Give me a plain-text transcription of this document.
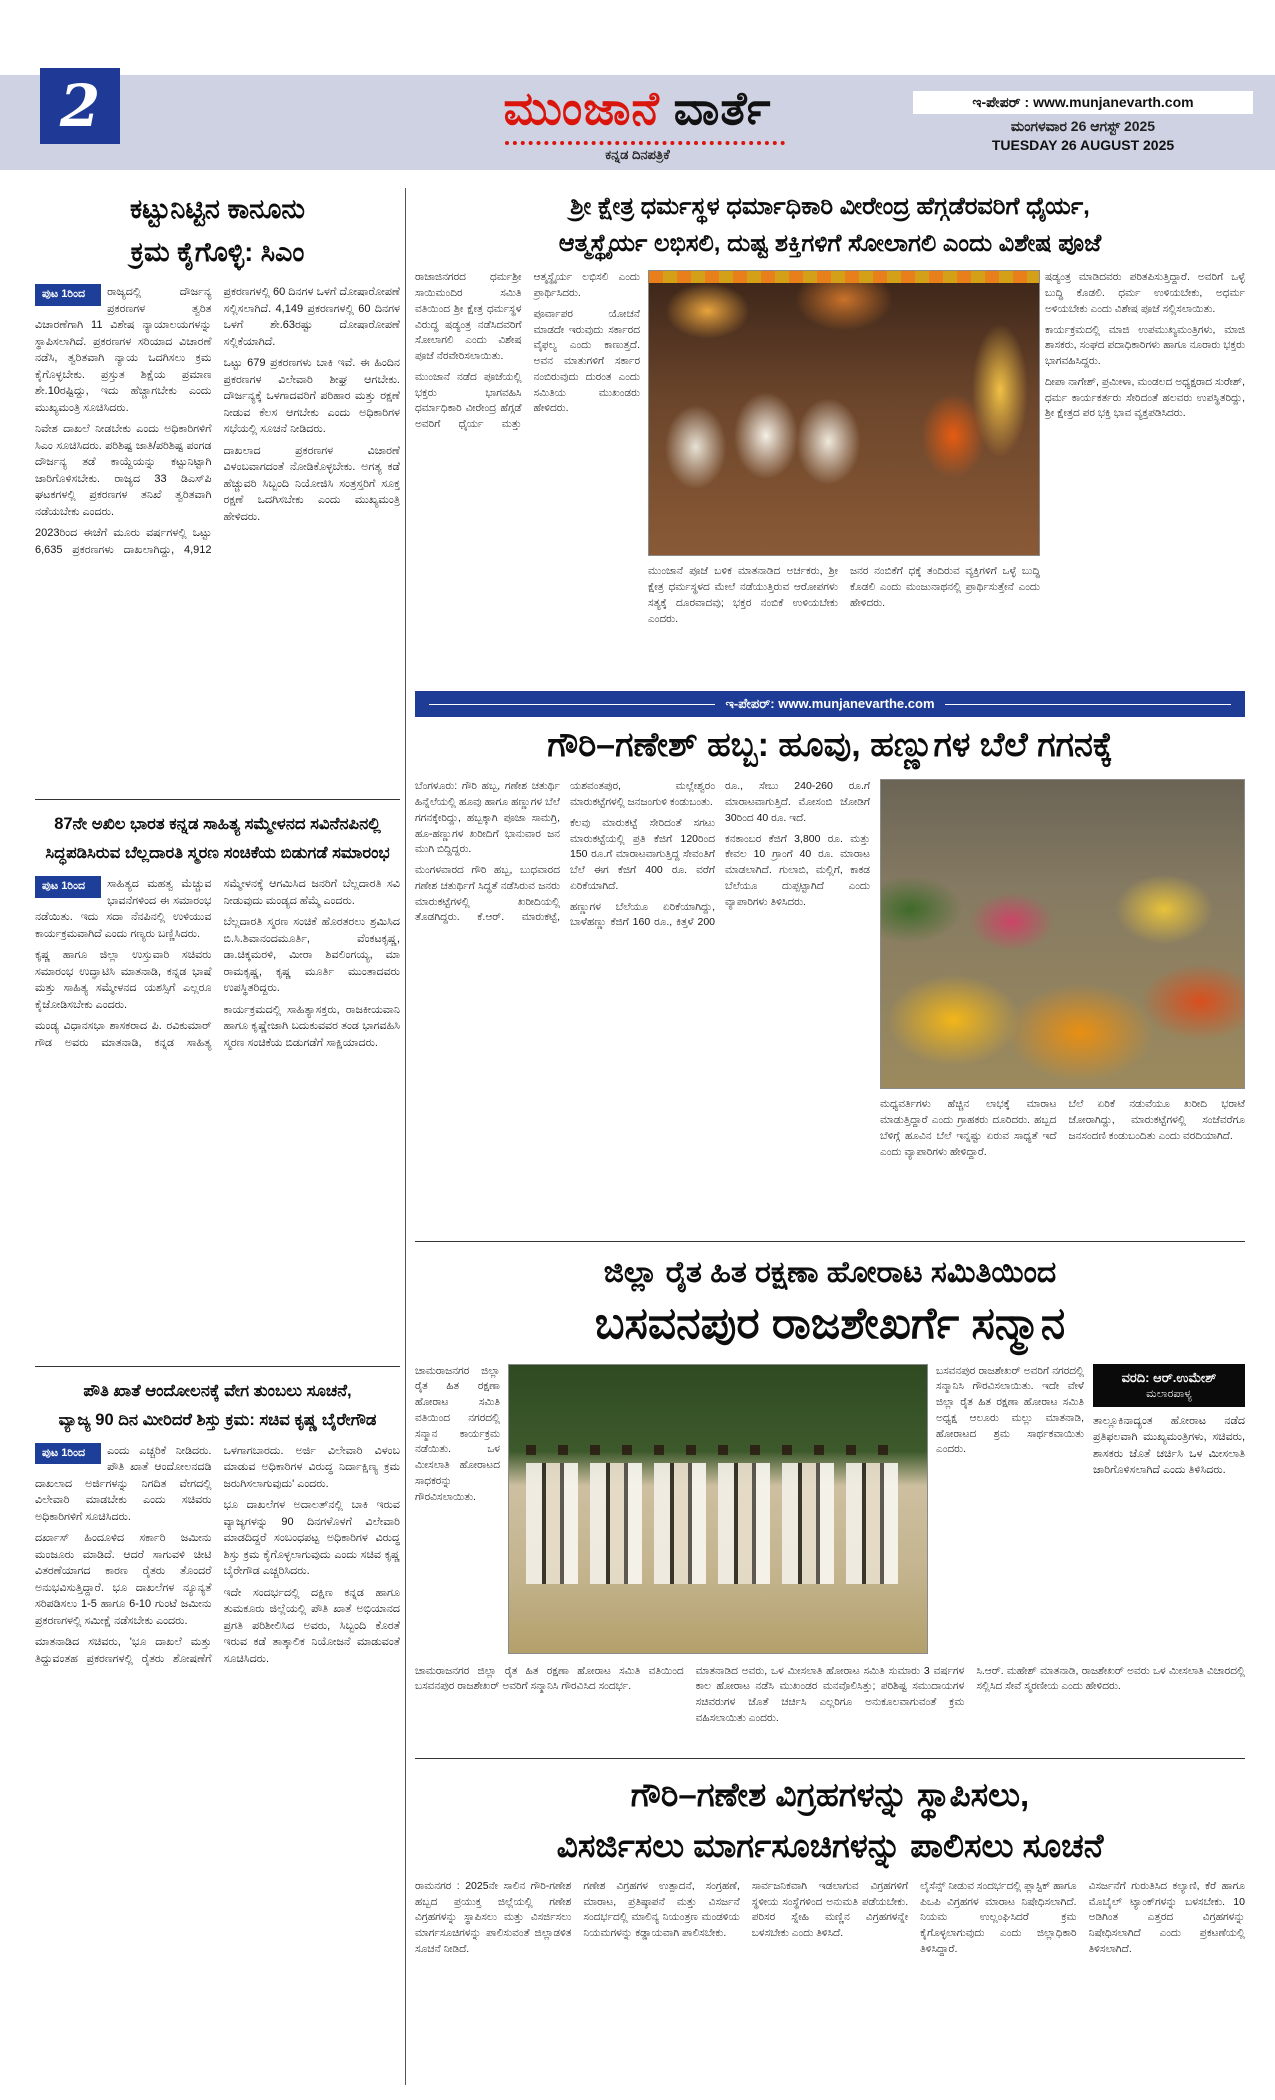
ಮುಂಜಾನೆ ವಾರ್ತೆ
ಕನ್ನಡ ದಿನಪತ್ರಿಕೆ
ಇ-ಪೇಪರ್ : www.munjanevarth.com
ಮಂಗಳವಾರ 26 ಆಗಸ್ಟ್ 2025
TUESDAY 26 AUGUST 2025
2
ಕಟ್ಟುನಿಟ್ಟಿನ ಕಾನೂನು
ಕ್ರಮ ಕೈಗೊಳ್ಳಿ: ಸಿಎಂ
ಪುಟ 1ರಿಂದ	ರಾಜ್ಯದಲ್ಲಿ ದೌರ್ಜನ್ಯ ಪ್ರಕರಣಗಳ ತ್ವರಿತ ವಿಚಾರಣೆಗಾಗಿ 11 ವಿಶೇಷ ನ್ಯಾಯಾಲಯಗಳನ್ನು ಸ್ಥಾಪಿಸಲಾಗಿದೆ. ಪ್ರಕರಣಗಳ ಸರಿಯಾದ ವಿಚಾರಣೆ ನಡೆಸಿ, ತ್ವರಿತವಾಗಿ ನ್ಯಾಯ ಒದಗಿಸಲು ಕ್ರಮ ಕೈಗೊಳ್ಳಬೇಕು. ಪ್ರಸ್ತುತ ಶಿಕ್ಷೆಯ ಪ್ರಮಾಣ ಶೇ.10ರಷ್ಟಿದ್ದು, ಇದು ಹೆಚ್ಚಾಗಬೇಕು ಎಂದು ಮುಖ್ಯಮಂತ್ರಿ ಸೂಚಿಸಿದರು.

ನಿವೇಶ ದಾಖಲೆ ನೀಡಬೇಕು ಎಂದು ಅಧಿಕಾರಿಗಳಿಗೆ ಸಿಎಂ ಸೂಚಿಸಿದರು. ಪರಿಶಿಷ್ಟ ಜಾತಿ/ಪರಿಶಿಷ್ಟ ಪಂಗಡ ದೌರ್ಜನ್ಯ ತಡೆ ಕಾಯ್ದೆಯನ್ನು ಕಟ್ಟುನಿಟ್ಟಾಗಿ ಜಾರಿಗೊಳಿಸಬೇಕು. ರಾಜ್ಯದ 33 ಡಿಎಸ್‌ಪಿ ಘಟಕಗಳಲ್ಲಿ ಪ್ರಕರಣಗಳ ತನಿಖೆ ತ್ವರಿತವಾಗಿ ನಡೆಯಬೇಕು ಎಂದರು.

2023ರಿಂದ ಈಚೆಗೆ ಮೂರು ವರ್ಷಗಳಲ್ಲಿ ಒಟ್ಟು 6,635 ಪ್ರಕರಣಗಳು ದಾಖಲಾಗಿದ್ದು, 4,912 ಪ್ರಕರಣಗಳಲ್ಲಿ 60 ದಿನಗಳ ಒಳಗೆ ದೋಷಾರೋಪಣೆ ಸಲ್ಲಿಸಲಾಗಿದೆ. 4,149 ಪ್ರಕರಣಗಳಲ್ಲಿ 60 ದಿನಗಳ ಒಳಗೆ ಶೇ.63ರಷ್ಟು ದೋಷಾರೋಪಣೆ ಸಲ್ಲಿಕೆಯಾಗಿದೆ.

ಒಟ್ಟು 679 ಪ್ರಕರಣಗಳು ಬಾಕಿ ಇವೆ. ಈ ಹಿಂದಿನ ಪ್ರಕರಣಗಳ ವಿಲೇವಾರಿ ಶೀಘ್ರ ಆಗಬೇಕು. ದೌರ್ಜನ್ಯಕ್ಕೆ ಒಳಗಾದವರಿಗೆ ಪರಿಹಾರ ಮತ್ತು ರಕ್ಷಣೆ ನೀಡುವ ಕೆಲಸ ಆಗಬೇಕು ಎಂದು ಅಧಿಕಾರಿಗಳ ಸಭೆಯಲ್ಲಿ ಸೂಚನೆ ನೀಡಿದರು.

ದಾಖಲಾದ ಪ್ರಕರಣಗಳ ವಿಚಾರಣೆ ವಿಳಂಬವಾಗದಂತೆ ನೋಡಿಕೊಳ್ಳಬೇಕು. ಅಗತ್ಯ ಕಡೆ ಹೆಚ್ಚುವರಿ ಸಿಬ್ಬಂದಿ ನಿಯೋಜಿಸಿ ಸಂತ್ರಸ್ತರಿಗೆ ಸೂಕ್ತ ರಕ್ಷಣೆ ಒದಗಿಸಬೇಕು ಎಂದು ಮುಖ್ಯಮಂತ್ರಿ ಹೇಳಿದರು.

87ನೇ ಅಖಿಲ ಭಾರತ ಕನ್ನಡ ಸಾಹಿತ್ಯ ಸಮ್ಮೇಳನದ ಸವಿನೆನಪಿನಲ್ಲಿ
ಸಿದ್ಧಪಡಿಸಿರುವ ಬೆಲ್ಲದಾರತಿ ಸ್ಮರಣ ಸಂಚಿಕೆಯ ಬಿಡುಗಡೆ ಸಮಾರಂಭ
ಪುಟ 1ರಿಂದ	ಸಾಹಿತ್ಯದ ಮಹತ್ವ ಮೆಚ್ಚುವ ಭಾವನೆಗಳಿಂದ ಈ ಸಮಾರಂಭ ನಡೆಯಿತು. ಇದು ಸದಾ ನೆನಪಿನಲ್ಲಿ ಉಳಿಯುವ ಕಾರ್ಯಕ್ರಮವಾಗಿದೆ ಎಂದು ಗಣ್ಯರು ಬಣ್ಣಿಸಿದರು.

ಕೃಷ್ಣ ಹಾಗೂ ಜಿಲ್ಲಾ ಉಸ್ತುವಾರಿ ಸಚಿವರು ಸಮಾರಂಭ ಉದ್ಘಾಟಿಸಿ ಮಾತನಾಡಿ, ಕನ್ನಡ ಭಾಷೆ ಮತ್ತು ಸಾಹಿತ್ಯ ಸಮ್ಮೇಳನದ ಯಶಸ್ಸಿಗೆ ಎಲ್ಲರೂ ಕೈಜೋಡಿಸಬೇಕು ಎಂದರು.

ಮಂಡ್ಯ ವಿಧಾನಸಭಾ ಶಾಸಕರಾದ ಪಿ. ರವಿಕುಮಾರ್ ಗೌಡ ಅವರು ಮಾತನಾಡಿ, ಕನ್ನಡ ಸಾಹಿತ್ಯ ಸಮ್ಮೇಳನಕ್ಕೆ ಆಗಮಿಸಿದ ಜನರಿಗೆ ಬೆಲ್ಲದಾರತಿ ಸವಿ ನೀಡುವುದು ಮಂಡ್ಯದ ಹೆಮ್ಮೆ ಎಂದರು.

ಬೆಲ್ಲದಾರತಿ ಸ್ಮರಣ ಸಂಚಿಕೆ ಹೊರತರಲು ಶ್ರಮಿಸಿದ ಬಿ.ಸಿ.ಶಿವಾನಂದಮೂರ್ತಿ, ವೆಂಕಟಕೃಷ್ಣ, ಡಾ.ಚಿಕ್ಕಮರಳಿ, ಮೀರಾ ಶಿವಲಿಂಗಯ್ಯ, ಮಾ ರಾಮಕೃಷ್ಣ, ಕೃಷ್ಣ ಮೂರ್ತಿ ಮುಂತಾದವರು ಉಪಸ್ಥಿತರಿದ್ದರು.

ಕಾರ್ಯಕ್ರಮದಲ್ಲಿ ಸಾಹಿತ್ಯಾಸಕ್ತರು, ರಾಜಕೀಯವಾನಿ ಹಾಗೂ ಕೃಷ್ಣೇಜಾಗಿ ಬದುಕುವವರ ತಂಡ ಭಾಗವಹಿಸಿ ಸ್ಮರಣ ಸಂಚಿಕೆಯ ಬಿಡುಗಡೆಗೆ ಸಾಕ್ಷಿಯಾದರು.

ಪೌತಿ ಖಾತೆ ಆಂದೋಲನಕ್ಕೆ ವೇಗ ತುಂಬಲು ಸೂಚನೆ,
ವ್ಯಾಜ್ಯ 90 ದಿನ ಮೀರಿದರೆ ಶಿಸ್ತು ಕ್ರಮ: ಸಚಿವ ಕೃಷ್ಣ ಬೈರೇಗೌಡ
ಪುಟ 1ರಿಂದ	ಎಂದು ಎಚ್ಚರಿಕೆ ನೀಡಿದರು. ಪೌತಿ ಖಾತೆ ಆಂದೋಲನದಡಿ ದಾಖಲಾದ ಅರ್ಜಿಗಳನ್ನು ನಿಗದಿತ ವೇಗದಲ್ಲಿ ವಿಲೇವಾರಿ ಮಾಡಬೇಕು ಎಂದು ಸಚಿವರು ಅಧಿಕಾರಿಗಳಿಗೆ ಸೂಚಿಸಿದರು.

ದರ್ಖಾಸ್ ಹಿಂದೂಳಿದ ಸರ್ಕಾರಿ ಜಮೀನು ಮಂಜೂರು ಮಾಡಿದೆ. ಆದರೆ ಸಾಗುವಳಿ ಚೀಟಿ ವಿತರಣೆಯಾಗದ ಕಾರಣ ರೈತರು ತೊಂದರೆ ಅನುಭವಿಸುತ್ತಿದ್ದಾರೆ. ಭೂ ದಾಖಲೆಗಳ ನ್ಯೂನ್ಯತೆ ಸರಿಪಡಿಸಲು 1-5 ಹಾಗೂ 6-10 ಗುಂಟೆ ಜಮೀನು ಪ್ರಕರಣಗಳಲ್ಲಿ ಸಮೀಕ್ಷೆ ನಡೆಸಬೇಕು ಎಂದರು.

ಮಾತನಾಡಿದ ಸಚಿವರು, 'ಭೂ ದಾಖಲೆ ಮತ್ತು ತಿದ್ದುವಂತಹ ಪ್ರಕರಣಗಳಲ್ಲಿ ರೈತರು ಶೋಷಣೆಗೆ ಒಳಗಾಗಬಾರದು. ಅರ್ಜಿ ವಿಲೇವಾರಿ ವಿಳಂಬ ಮಾಡುವ ಅಧಿಕಾರಿಗಳ ವಿರುದ್ಧ ನಿರ್ದಾಕ್ಷಿಣ್ಯ ಕ್ರಮ ಜರುಗಿಸಲಾಗುವುದು' ಎಂದರು.

ಭೂ ದಾಖಲೆಗಳ ಅದಾಲತ್‌ನಲ್ಲಿ ಬಾಕಿ ಇರುವ ವ್ಯಾಜ್ಯಗಳನ್ನು 90 ದಿನಗಳೊಳಗೆ ವಿಲೇವಾರಿ ಮಾಡದಿದ್ದರೆ ಸಂಬಂಧಪಟ್ಟ ಅಧಿಕಾರಿಗಳ ವಿರುದ್ಧ ಶಿಸ್ತು ಕ್ರಮ ಕೈಗೊಳ್ಳಲಾಗುವುದು ಎಂದು ಸಚಿವ ಕೃಷ್ಣ ಬೈರೇಗೌಡ ಎಚ್ಚರಿಸಿದರು.

ಇದೇ ಸಂದರ್ಭದಲ್ಲಿ ದಕ್ಷಿಣ ಕನ್ನಡ ಹಾಗೂ ತುಮಕೂರು ಜಿಲ್ಲೆಯಲ್ಲಿ ಪೌತಿ ಖಾತೆ ಅಭಿಯಾನದ ಪ್ರಗತಿ ಪರಿಶೀಲಿಸಿದ ಅವರು, ಸಿಬ್ಬಂದಿ ಕೊರತೆ ಇರುವ ಕಡೆ ತಾತ್ಕಾಲಿಕ ನಿಯೋಜನೆ ಮಾಡುವಂತೆ ಸೂಚಿಸಿದರು.

ಶ್ರೀ ಕ್ಷೇತ್ರ ಧರ್ಮಸ್ಥಳ ಧರ್ಮಾಧಿಕಾರಿ ವೀರೇಂದ್ರ ಹೆಗ್ಗಡೆರವರಿಗೆ ಧೈರ್ಯ,
ಆತ್ಮಸ್ಥೈರ್ಯ ಲಭಿಸಲಿ, ದುಷ್ಟ ಶಕ್ತಿಗಳಿಗೆ ಸೋಲಾಗಲಿ ಎಂದು ವಿಶೇಷ ಪೂಜೆ

ರಾಜಾಜಿನಗರದ ಧರ್ಮಶ್ರೀ ಸಾಯಿಮಂದಿರ ಸಮಿತಿ ವತಿಯಿಂದ ಶ್ರೀ ಕ್ಷೇತ್ರ ಧರ್ಮಸ್ಥಳ ವಿರುದ್ಧ ಷಡ್ಯಂತ್ರ ನಡೆಸಿದವರಿಗೆ ಸೋಲಾಗಲಿ ಎಂದು ವಿಶೇಷ ಪೂಜೆ ನೆರವೇರಿಸಲಾಯಿತು.

ಮುಂಜಾನೆ ನಡೆದ ಪೂಜೆಯಲ್ಲಿ ಭಕ್ತರು ಭಾಗವಹಿಸಿ ಧರ್ಮಾಧಿಕಾರಿ ವೀರೇಂದ್ರ ಹೆಗ್ಗಡೆ ಅವರಿಗೆ ಧೈರ್ಯ ಮತ್ತು ಆತ್ಮಸ್ಥೈರ್ಯ ಲಭಿಸಲಿ ಎಂದು ಪ್ರಾರ್ಥಿಸಿದರು.

ಪೂರ್ವಾಪರ ಯೋಚನೆ ಮಾಡದೇ ಇರುವುದು ಸರ್ಕಾರದ ವೈಫಲ್ಯ ಎಂದು ಕಾಣುತ್ತದೆ. ಅವನ ಮಾತುಗಳಿಗೆ ಸರ್ಕಾರ ನಂಬಿರುವುದು ದುರಂತ ಎಂದು ಸಮಿತಿಯ ಮುಖಂಡರು ಹೇಳಿದರು.

ಮುಂಜಾನೆ ಪೂಜೆ ಬಳಿಕ ಮಾತನಾಡಿದ ಅರ್ಚಕರು, ಶ್ರೀ ಕ್ಷೇತ್ರ ಧರ್ಮಸ್ಥಳದ ಮೇಲೆ ನಡೆಯುತ್ತಿರುವ ಆರೋಪಗಳು ಸತ್ಯಕ್ಕೆ ದೂರವಾದವು; ಭಕ್ತರ ನಂಬಿಕೆ ಉಳಿಯಬೇಕು ಎಂದರು.

ಜನರ ನಂಬಿಕೆಗೆ ಧಕ್ಕೆ ತಂದಿರುವ ವ್ಯಕ್ತಿಗಳಿಗೆ ಒಳ್ಳೆ ಬುದ್ಧಿ ಕೊಡಲಿ ಎಂದು ಮಂಜುನಾಥನಲ್ಲಿ ಪ್ರಾರ್ಥಿಸುತ್ತೇನೆ ಎಂದು ಹೇಳಿದರು.

ಷಡ್ಯಂತ್ರ ಮಾಡಿದವರು ಪರಿತಪಿಸುತ್ತಿದ್ದಾರೆ. ಅವರಿಗೆ ಒಳ್ಳೆ ಬುದ್ಧಿ ಕೊಡಲಿ. ಧರ್ಮ ಉಳಿಯಬೇಕು, ಅಧರ್ಮ ಅಳಿಯಬೇಕು ಎಂದು ವಿಶೇಷ ಪೂಜೆ ಸಲ್ಲಿಸಲಾಯಿತು.

ಕಾರ್ಯಕ್ರಮದಲ್ಲಿ ಮಾಜಿ ಉಪಮುಖ್ಯಮಂತ್ರಿಗಳು, ಮಾಜಿ ಶಾಸಕರು, ಸಂಘದ ಪದಾಧಿಕಾರಿಗಳು ಹಾಗೂ ನೂರಾರು ಭಕ್ತರು ಭಾಗವಹಿಸಿದ್ದರು.

ದೀಪಾ ನಾಗೇಶ್, ಪ್ರಮೀಳಾ, ಮಂಡಲದ ಅಧ್ಯಕ್ಷರಾದ ಸುರೇಶ್, ಧರ್ಮ ಕಾರ್ಯಕರ್ತರು ಸೇರಿದಂತೆ ಹಲವರು ಉಪಸ್ಥಿತರಿದ್ದು, ಶ್ರೀ ಕ್ಷೇತ್ರದ ಪರ ಭಕ್ತಿ ಭಾವ ವ್ಯಕ್ತಪಡಿಸಿದರು.

ಇ-ಪೇಪರ್: www.munjanevarthe.com
ಗೌರಿ–ಗಣೇಶ್ ಹಬ್ಬ: ಹೂವು, ಹಣ್ಣುಗಳ ಬೆಲೆ ಗಗನಕ್ಕೆ

ಬೆಂಗಳೂರು: ಗೌರಿ ಹಬ್ಬ, ಗಣೇಶ ಚತುರ್ಥಿ ಹಿನ್ನೆಲೆಯಲ್ಲಿ ಹೂವು ಹಾಗೂ ಹಣ್ಣುಗಳ ಬೆಲೆ ಗಗನಕ್ಕೇರಿದ್ದು, ಹಬ್ಬಕ್ಕಾಗಿ ಪೂಜಾ ಸಾಮಗ್ರಿ, ಹೂ-ಹಣ್ಣುಗಳ ಖರೀದಿಗೆ ಭಾನುವಾರ ಜನ ಮುಗಿ ಬಿದ್ದಿದ್ದರು.

ಮಂಗಳವಾರದ ಗೌರಿ ಹಬ್ಬ, ಬುಧವಾರದ ಗಣೇಶ ಚತುರ್ಥಿಗೆ ಸಿದ್ಧತೆ ನಡೆಸಿರುವ ಜನರು ಮಾರುಕಟ್ಟೆಗಳಲ್ಲಿ ಖರೀದಿಯಲ್ಲಿ ತೊಡಗಿದ್ದರು. ಕೆ.ಆರ್. ಮಾರುಕಟ್ಟೆ, ಯಶವಂತಪುರ, ಮಲ್ಲೇಶ್ವರಂ ಮಾರುಕಟ್ಟೆಗಳಲ್ಲಿ ಜನಜಂಗುಳಿ ಕಂಡುಬಂತು.

ಕೆಲವು ಮಾರುಕಟ್ಟೆ ಸೇರಿದಂತೆ ಸಗಟು ಮಾರುಕಟ್ಟೆಯಲ್ಲಿ ಪ್ರತಿ ಕೆಜಿಗೆ 120ರಿಂದ 150 ರೂ.ಗೆ ಮಾರಾಟವಾಗುತ್ತಿದ್ದ ಸೇವಂತಿಗೆ ಬೆಲೆ ಈಗ ಕೆಜಿಗೆ 400 ರೂ. ವರೆಗೆ ಏರಿಕೆಯಾಗಿದೆ.

ಹಣ್ಣುಗಳ ಬೆಲೆಯೂ ಏರಿಕೆಯಾಗಿದ್ದು, ಬಾಳೆಹಣ್ಣು ಕೆಜಿಗೆ 160 ರೂ., ಕಿತ್ತಳೆ 200 ರೂ., ಸೇಬು 240-260 ರೂ.ಗೆ ಮಾರಾಟವಾಗುತ್ತಿದೆ. ಮೋಸಂಬಿ ಜೋಡಿಗೆ 30ರಿಂದ 40 ರೂ. ಇದೆ.

ಕನಕಾಂಬರ ಕೆಜಿಗೆ 3,800 ರೂ. ಮತ್ತು ಕೇವಲ 10 ಗ್ರಾಂಗೆ 40 ರೂ. ಮಾರಾಟ ಮಾಡಲಾಗಿದೆ. ಗುಲಾಬಿ, ಮಲ್ಲಿಗೆ, ಕಾಕಡ ಬೆಲೆಯೂ ದುಪ್ಪಟ್ಟಾಗಿದೆ ಎಂದು ವ್ಯಾಪಾರಿಗಳು ತಿಳಿಸಿದರು.

ಮಧ್ಯವರ್ತಿಗಳು ಹೆಚ್ಚಿನ ಲಾಭಕ್ಕೆ ಮಾರಾಟ ಮಾಡುತ್ತಿದ್ದಾರೆ ಎಂದು ಗ್ರಾಹಕರು ದೂರಿದರು. ಹಬ್ಬದ ಬೆಳಿಗ್ಗೆ ಹೂವಿನ ಬೆಲೆ ಇನ್ನಷ್ಟು ಏರುವ ಸಾಧ್ಯತೆ ಇದೆ ಎಂದು ವ್ಯಾಪಾರಿಗಳು ಹೇಳಿದ್ದಾರೆ.

ಬೆಲೆ ಏರಿಕೆ ನಡುವೆಯೂ ಖರೀದಿ ಭರಾಟೆ ಜೋರಾಗಿದ್ದು, ಮಾರುಕಟ್ಟೆಗಳಲ್ಲಿ ಸಂಜೆವರೆಗೂ ಜನಸಂದಣಿ ಕಂಡುಬಂದಿತು ಎಂದು ವರದಿಯಾಗಿದೆ.

ಜಿಲ್ಲಾ ರೈತ ಹಿತ ರಕ್ಷಣಾ ಹೋರಾಟ ಸಮಿತಿಯಿಂದ
ಬಸವನಪುರ ರಾಜಶೇಖರ್ಗೆ ಸನ್ಮಾನ

ಚಾಮರಾಜನಗರ ಜಿಲ್ಲಾ ರೈತ ಹಿತ ರಕ್ಷಣಾ ಹೋರಾಟ ಸಮಿತಿ ವತಿಯಿಂದ ನಗರದಲ್ಲಿ ಸನ್ಮಾನ ಕಾರ್ಯಕ್ರಮ ನಡೆಯಿತು. ಒಳ ಮೀಸಲಾತಿ ಹೋರಾಟದ ಸಾಧಕರನ್ನು ಗೌರವಿಸಲಾಯಿತು.

ಬಸವನಪುರ ರಾಜಶೇಖರ್ ಅವರಿಗೆ ನಗರದಲ್ಲಿ ಸನ್ಮಾನಿಸಿ ಗೌರವಿಸಲಾಯಿತು. ಇದೇ ವೇಳೆ ಜಿಲ್ಲಾ ರೈತ ಹಿತ ರಕ್ಷಣಾ ಹೋರಾಟ ಸಮಿತಿ ಅಧ್ಯಕ್ಷ ಆಲೂರು ಮಲ್ಲು ಮಾತನಾಡಿ, ಹೋರಾಟದ ಶ್ರಮ ಸಾರ್ಥಕವಾಯಿತು ಎಂದರು.

ವರದಿ: ಆರ್.ಉಮೇಶ್
ಮಲಾರಪಾಳ್ಯ

ತಾಲ್ಲೂಕಿನಾದ್ಯಂತ ಹೋರಾಟ ನಡೆದ ಪ್ರತಿಫಲವಾಗಿ ಮುಖ್ಯಮಂತ್ರಿಗಳು, ಸಚಿವರು, ಶಾಸಕರು ಜೊತೆ ಚರ್ಚಿಸಿ ಒಳ ಮೀಸಲಾತಿ ಜಾರಿಗೊಳಿಸಲಾಗಿದೆ ಎಂದು ತಿಳಿಸಿದರು.

ಚಾಮರಾಜನಗರ ಜಿಲ್ಲಾ ರೈತ ಹಿತ ರಕ್ಷಣಾ ಹೋರಾಟ ಸಮಿತಿ ವತಿಯಿಂದ ಬಸವನಪುರ ರಾಜಶೇಖರ್ ಅವರಿಗೆ ಸನ್ಮಾನಿಸಿ ಗೌರವಿಸಿದ ಸಂದರ್ಭ.

ಮಾತನಾಡಿದ ಅವರು, ಒಳ ಮೀಸಲಾತಿ ಹೋರಾಟ ಸಮಿತಿ ಸುಮಾರು 3 ವರ್ಷಗಳ ಕಾಲ ಹೋರಾಟ ನಡೆಸಿ ಮುಖಂಡರ ಮನವೊಲಿಸಿತ್ತು; ಪರಿಶಿಷ್ಟ ಸಮುದಾಯಗಳ ಸಚಿವರುಗಳ ಜೊತೆ ಚರ್ಚಿಸಿ ಎಲ್ಲರಿಗೂ ಅನುಕೂಲವಾಗುವಂತೆ ಕ್ರಮ ವಹಿಸಲಾಯಿತು ಎಂದರು.

ಸಿ.ಆರ್. ಮಹೇಶ್ ಮಾತನಾಡಿ, ರಾಜಶೇಖರ್ ಅವರು ಒಳ ಮೀಸಲಾತಿ ವಿಚಾರದಲ್ಲಿ ಸಲ್ಲಿಸಿದ ಸೇವೆ ಸ್ಮರಣೀಯ ಎಂದು ಹೇಳಿದರು.

ಗೌರಿ–ಗಣೇಶ ವಿಗ್ರಹಗಳನ್ನು ಸ್ಥಾಪಿಸಲು,
ವಿಸರ್ಜಿಸಲು ಮಾರ್ಗಸೂಚಿಗಳನ್ನು ಪಾಲಿಸಲು ಸೂಚನೆ

ರಾಮನಗರ : 2025ನೇ ಸಾಲಿನ ಗೌರಿ-ಗಣೇಶ ಹಬ್ಬದ ಪ್ರಯುಕ್ತ ಜಿಲ್ಲೆಯಲ್ಲಿ ಗಣೇಶ ವಿಗ್ರಹಗಳನ್ನು ಸ್ಥಾಪಿಸಲು ಮತ್ತು ವಿಸರ್ಜಿಸಲು ಮಾರ್ಗಸೂಚಿಗಳನ್ನು ಪಾಲಿಸುವಂತೆ ಜಿಲ್ಲಾಡಳಿತ ಸೂಚನೆ ನೀಡಿದೆ.

ಗಣೇಶ ವಿಗ್ರಹಗಳ ಉತ್ಪಾದನೆ, ಸಂಗ್ರಹಣೆ, ಮಾರಾಟ, ಪ್ರತಿಷ್ಠಾಪನೆ ಮತ್ತು ವಿಸರ್ಜನೆ ಸಂದರ್ಭದಲ್ಲಿ ಮಾಲಿನ್ಯ ನಿಯಂತ್ರಣ ಮಂಡಳಿಯ ನಿಯಮಗಳನ್ನು ಕಡ್ಡಾಯವಾಗಿ ಪಾಲಿಸಬೇಕು.

ಸಾರ್ವಜನಿಕವಾಗಿ ಇಡಲಾಗುವ ವಿಗ್ರಹಗಳಿಗೆ ಸ್ಥಳೀಯ ಸಂಸ್ಥೆಗಳಿಂದ ಅನುಮತಿ ಪಡೆಯಬೇಕು. ಪರಿಸರ ಸ್ನೇಹಿ ಮಣ್ಣಿನ ವಿಗ್ರಹಗಳನ್ನೇ ಬಳಸಬೇಕು ಎಂದು ತಿಳಿಸಿದೆ.

ಲೈಸೆನ್ಸ್ ನೀಡುವ ಸಂದರ್ಭದಲ್ಲಿ ಪ್ಲಾಸ್ಟಿಕ್ ಹಾಗೂ ಪಿಒಪಿ ವಿಗ್ರಹಗಳ ಮಾರಾಟ ನಿಷೇಧಿಸಲಾಗಿದೆ. ನಿಯಮ ಉಲ್ಲಂಘಿಸಿದರೆ ಕ್ರಮ ಕೈಗೊಳ್ಳಲಾಗುವುದು ಎಂದು ಜಿಲ್ಲಾಧಿಕಾರಿ ತಿಳಿಸಿದ್ದಾರೆ.

ವಿಸರ್ಜನೆಗೆ ಗುರುತಿಸಿದ ಕಲ್ಯಾಣಿ, ಕೆರೆ ಹಾಗೂ ಮೊಬೈಲ್ ಟ್ಯಾಂಕ್‌ಗಳನ್ನು ಬಳಸಬೇಕು. 10 ಅಡಿಗಿಂತ ಎತ್ತರದ ವಿಗ್ರಹಗಳನ್ನು ನಿಷೇಧಿಸಲಾಗಿದೆ ಎಂದು ಪ್ರಕಟಣೆಯಲ್ಲಿ ತಿಳಿಸಲಾಗಿದೆ.
